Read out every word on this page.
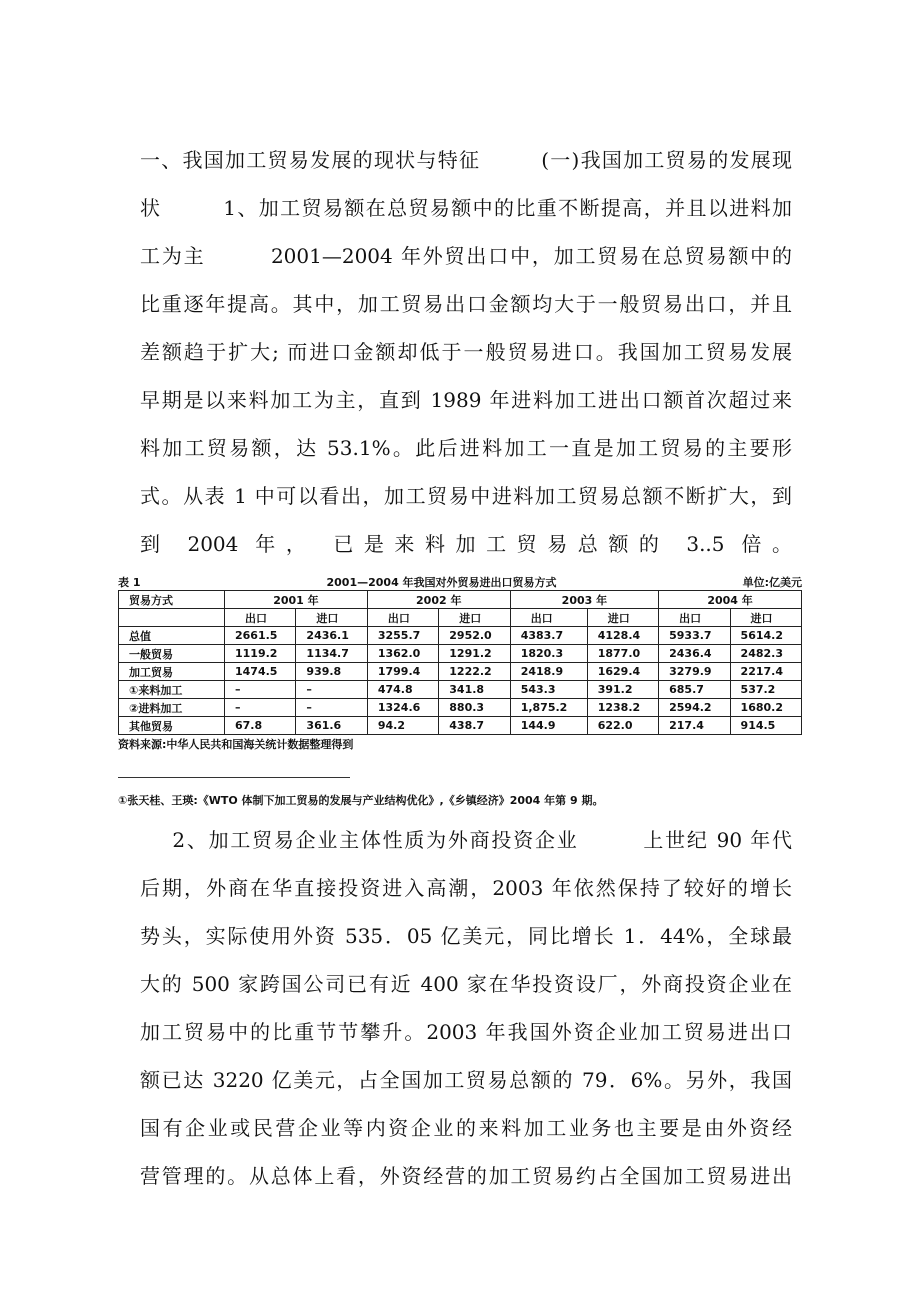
一、我国加工贸易发展的现状与特征        (一)我国加工贸易的发展现
状        1、加工贸易额在总贸易额中的比重不断提高，并且以进料加
工为主        2001—2004 年外贸出口中，加工贸易在总贸易额中的
比重逐年提高。其中，加工贸易出口金额均大于一般贸易出口，并且
差额趋于扩大; 而进口金额却低于一般贸易进口。我国加工贸易发展
早期是以来料加工为主，直到 1989 年进料加工进出口额首次超过来
料加工贸易额，达 53.1%。此后进料加工一直是加工贸易的主要形
式。从表 1 中可以看出，加工贸易中进料加工贸易总额不断扩大，到
到 2004 年， 已是来料加工贸易总额的 3..5 倍。
表 1	2001—2004 年我国对外贸易进出口贸易方式	单位:亿美元
贸易方式	2001 年		2002 年		2003 年		2004 年	
	出口	进口	出口	进口	出口	进口	出口	进口
总值	2661.5	2436.1	3255.7	2952.0	4383.7	4128.4	5933.7	5614.2
一般贸易	1119.2	1134.7	1362.0	1291.2	1820.3	1877.0	2436.4	2482.3
加工贸易	1474.5	939.8	1799.4	1222.2	2418.9	1629.4	3279.9	2217.4
①来料加工	–	–	474.8	341.8	543.3	391.2	685.7	537.2
②进料加工	–	–	1324.6	880.3	1,875.2	1238.2	2594.2	1680.2
其他贸易	67.8	361.6	94.2	438.7	144.9	622.0	217.4	914.5
资料来源:中华人民共和国海关统计数据整理得到
①张天桂、王瑛:《WTO 体制下加工贸易的发展与产业结构优化》,《乡镇经济》2004 年第 9 期。
2、加工贸易企业主体性质为外商投资企业        上世纪 90 年代
后期，外商在华直接投资进入高潮，2003 年依然保持了较好的增长
势头，实际使用外资 535．05 亿美元，同比增长 1．44%，全球最
大的 500 家跨国公司已有近 400 家在华投资设厂，外商投资企业在
加工贸易中的比重节节攀升。2003 年我国外资企业加工贸易进出口
额已达 3220 亿美元，占全国加工贸易总额的 79．6%。另外，我国
国有企业或民营企业等内资企业的来料加工业务也主要是由外资经
营管理的。从总体上看，外资经营的加工贸易约占全国加工贸易进出
